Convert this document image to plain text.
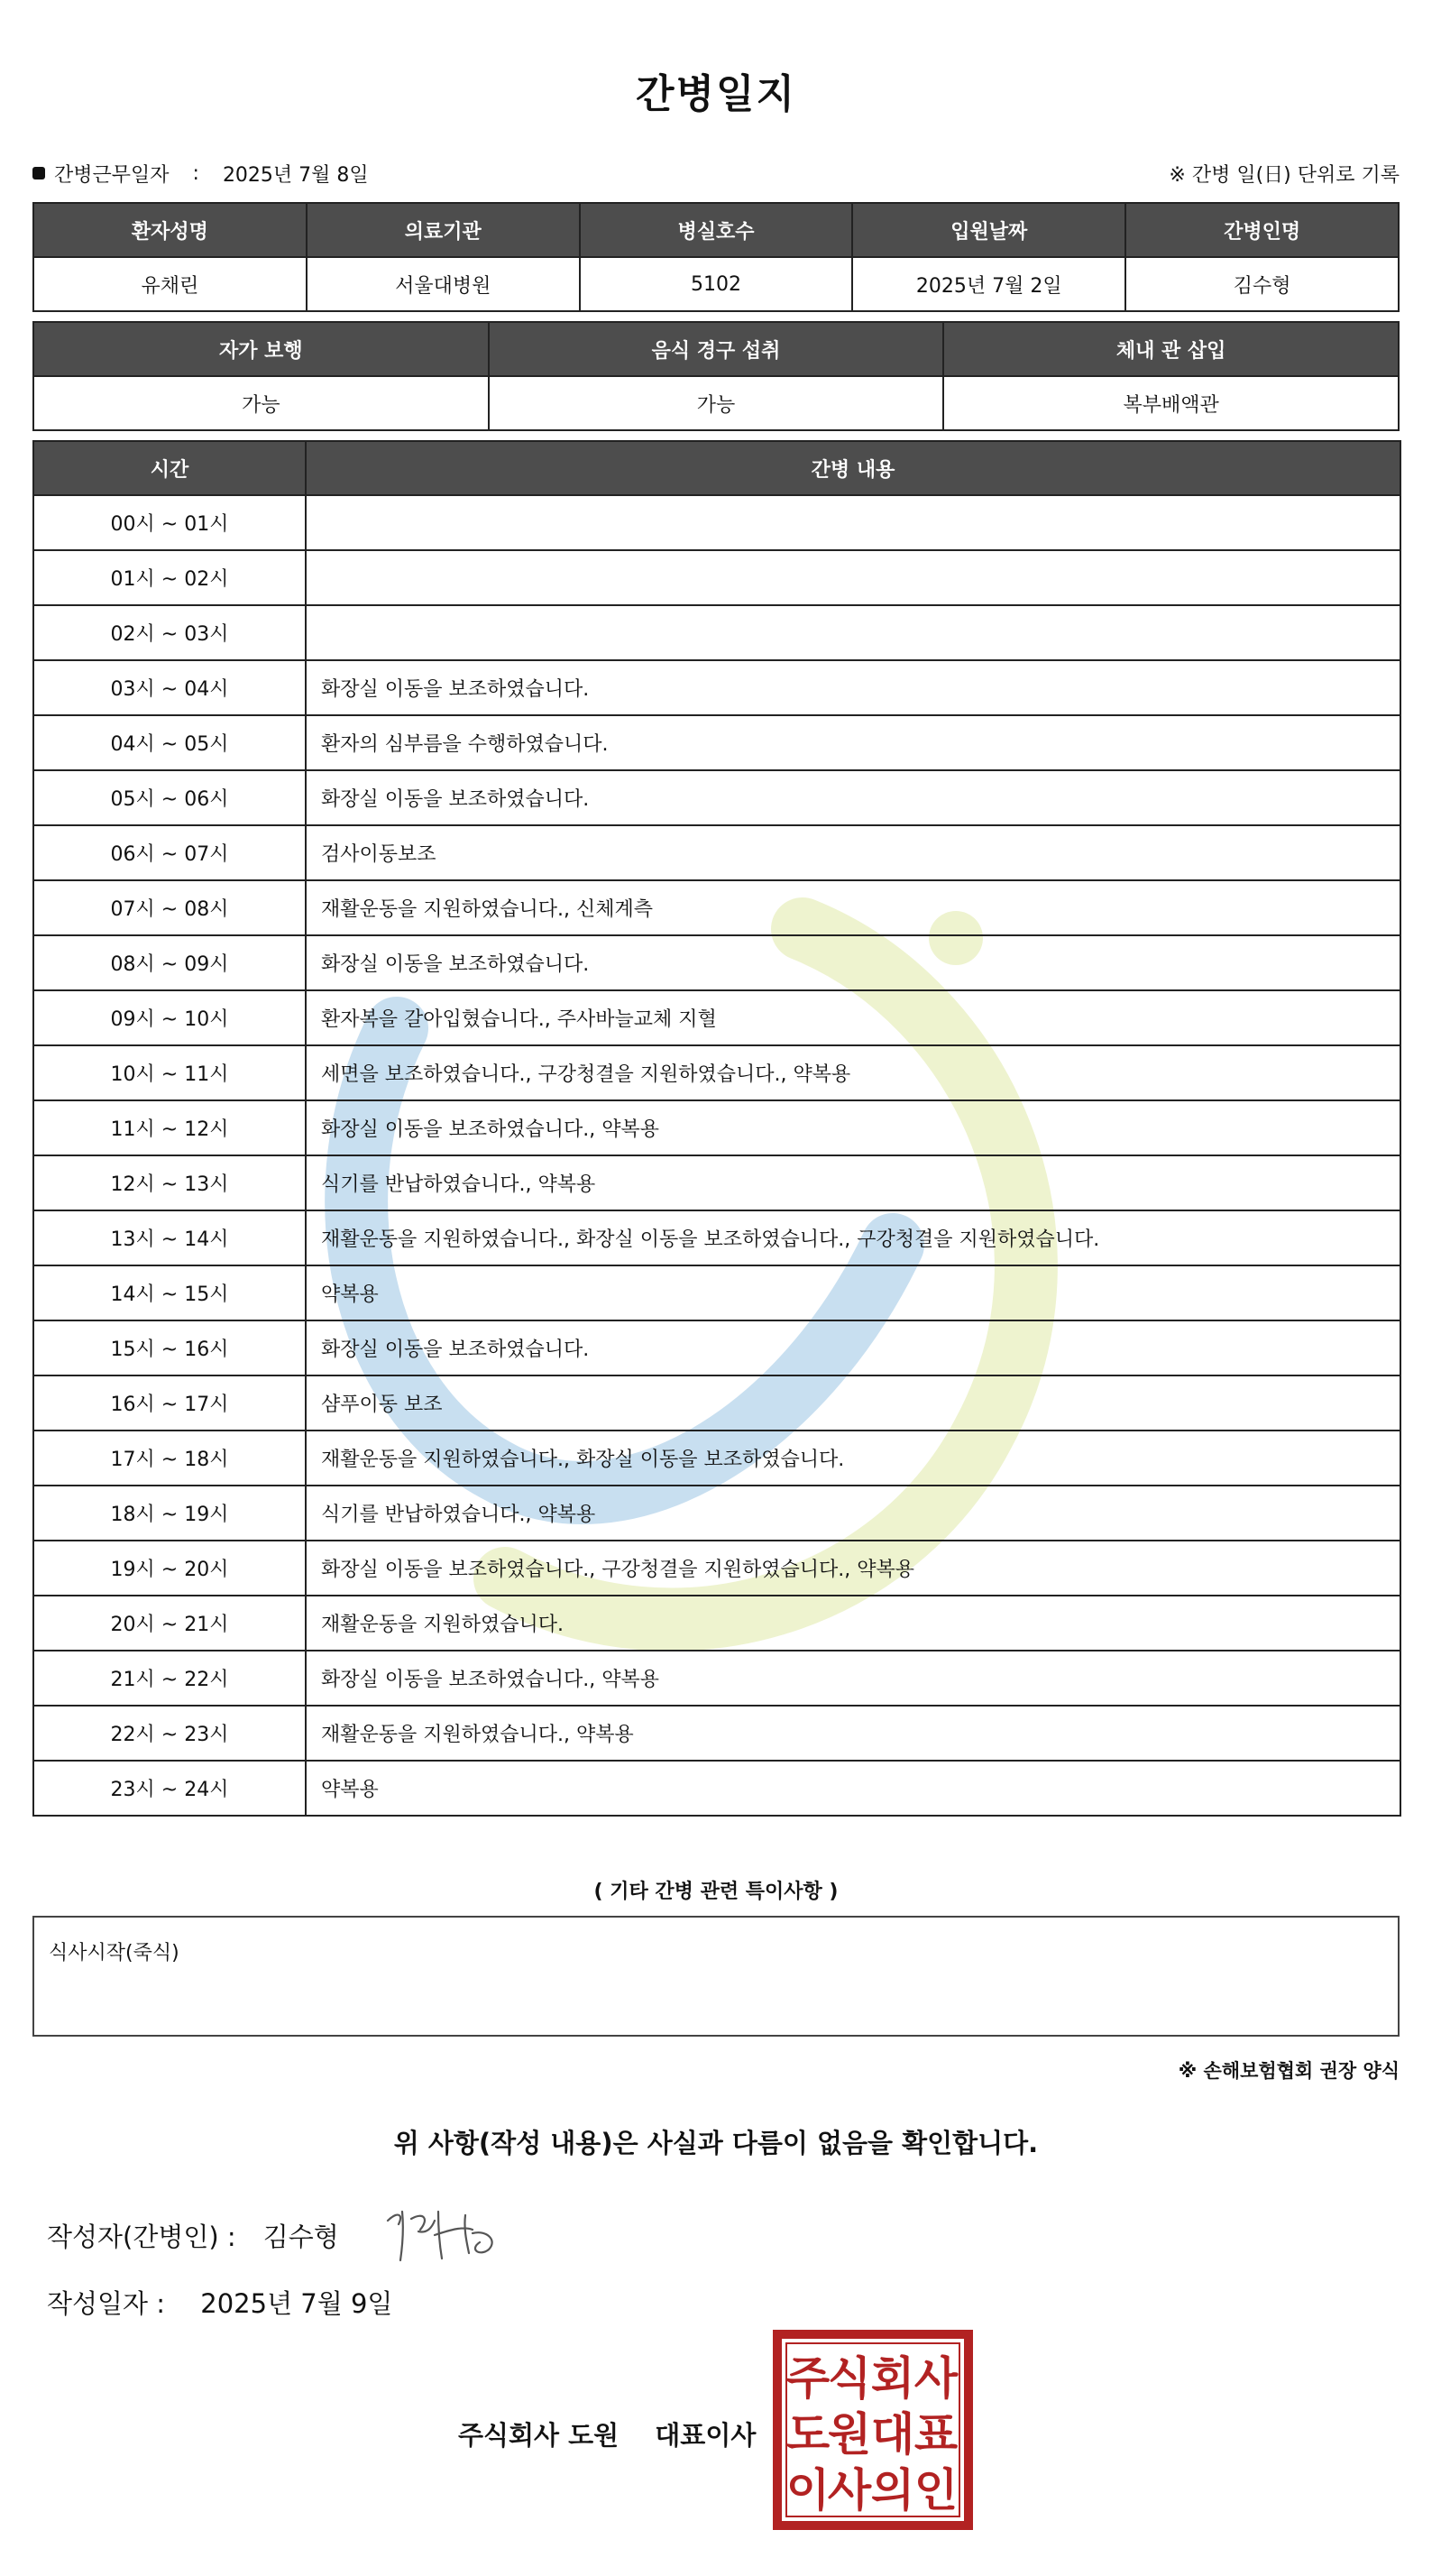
간병일지
간병근무일자 : 2025년 7월 8일	※ 간병 일(日) 단위로 기록
환자성명	의료기관	병실호수	입원날짜	간병인명
유채린	서울대병원	5102	2025년 7월 2일	김수형
자가 보행	음식 경구 섭취	체내 관 삽입
가능	가능	복부배액관
시간	간병 내용
00시 ~ 01시	
01시 ~ 02시	
02시 ~ 03시	
03시 ~ 04시	화장실 이동을 보조하였습니다.
04시 ~ 05시	환자의 심부름을 수행하였습니다.
05시 ~ 06시	화장실 이동을 보조하였습니다.
06시 ~ 07시	검사이동보조
07시 ~ 08시	재활운동을 지원하였습니다., 신체계측
08시 ~ 09시	화장실 이동을 보조하였습니다.
09시 ~ 10시	환자복을 갈아입혔습니다., 주사바늘교체 지혈
10시 ~ 11시	세면을 보조하였습니다., 구강청결을 지원하였습니다., 약복용
11시 ~ 12시	화장실 이동을 보조하였습니다., 약복용
12시 ~ 13시	식기를 반납하였습니다., 약복용
13시 ~ 14시	재활운동을 지원하였습니다., 화장실 이동을 보조하였습니다., 구강청결을 지원하였습니다.
14시 ~ 15시	약복용
15시 ~ 16시	화장실 이동을 보조하였습니다.
16시 ~ 17시	샴푸이동 보조
17시 ~ 18시	재활운동을 지원하였습니다., 화장실 이동을 보조하였습니다.
18시 ~ 19시	식기를 반납하였습니다., 약복용
19시 ~ 20시	화장실 이동을 보조하였습니다., 구강청결을 지원하였습니다., 약복용
20시 ~ 21시	재활운동을 지원하였습니다.
21시 ~ 22시	화장실 이동을 보조하였습니다., 약복용
22시 ~ 23시	재활운동을 지원하였습니다., 약복용
23시 ~ 24시	약복용
( 기타 간병 관련 특이사항 )
식사시작(죽식)
※ 손해보험협회 권장 양식
위 사항(작성 내용)은 사실과 다름이 없음을 확인합니다.
작성자(간병인) : 김수형
작성일자 : 2025년 7월 9일
주식회사 도원 대표이사
주
식 회 사
도
원 대 표
이
사 의 인
